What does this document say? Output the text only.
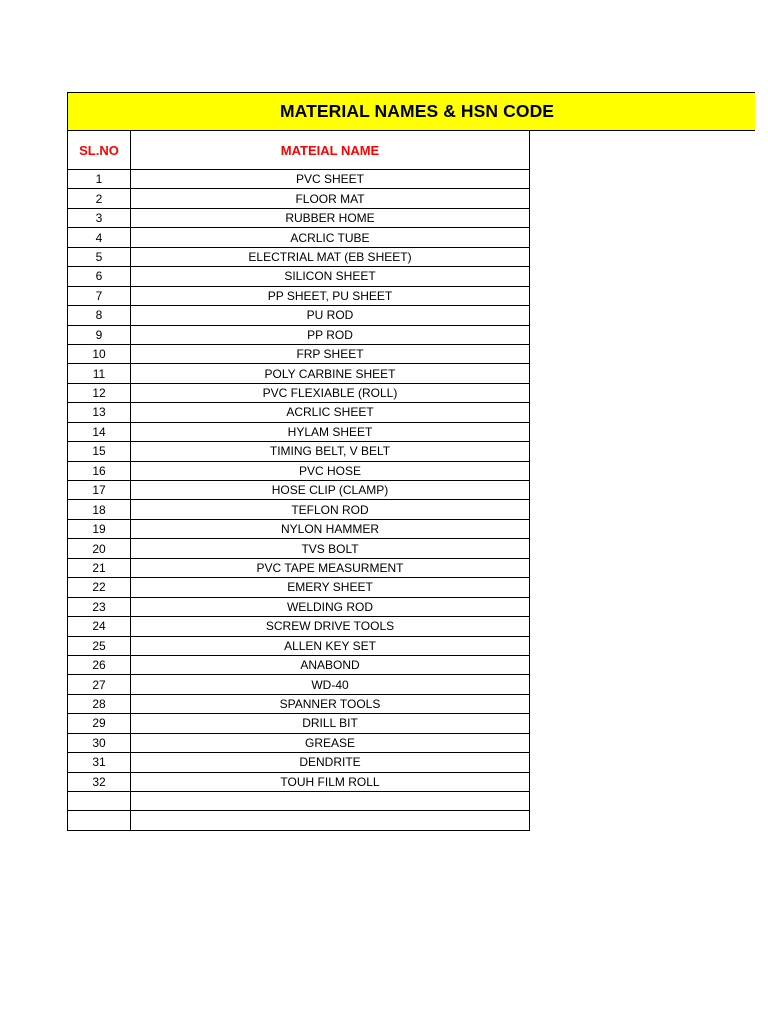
MATERIAL NAMES & HSN CODE
SL.NO	MATEIAL NAME
1	PVC SHEET
2	FLOOR MAT
3	RUBBER HOME
4	ACRLIC TUBE
5	ELECTRIAL MAT (EB SHEET)
6	SILICON SHEET
7	PP SHEET, PU SHEET
8	PU ROD
9	PP ROD
10	FRP SHEET
11	POLY CARBINE SHEET
12	PVC FLEXIABLE (ROLL)
13	ACRLIC SHEET
14	HYLAM SHEET
15	TIMING BELT, V BELT
16	PVC HOSE
17	HOSE CLIP (CLAMP)
18	TEFLON ROD
19	NYLON HAMMER
20	TVS BOLT
21	PVC TAPE MEASURMENT
22	EMERY SHEET
23	WELDING ROD
24	SCREW DRIVE TOOLS
25	ALLEN KEY SET
26	ANABOND
27	WD-40
28	SPANNER TOOLS
29	DRILL BIT
30	GREASE
31	DENDRITE
32	TOUH FILM ROLL
